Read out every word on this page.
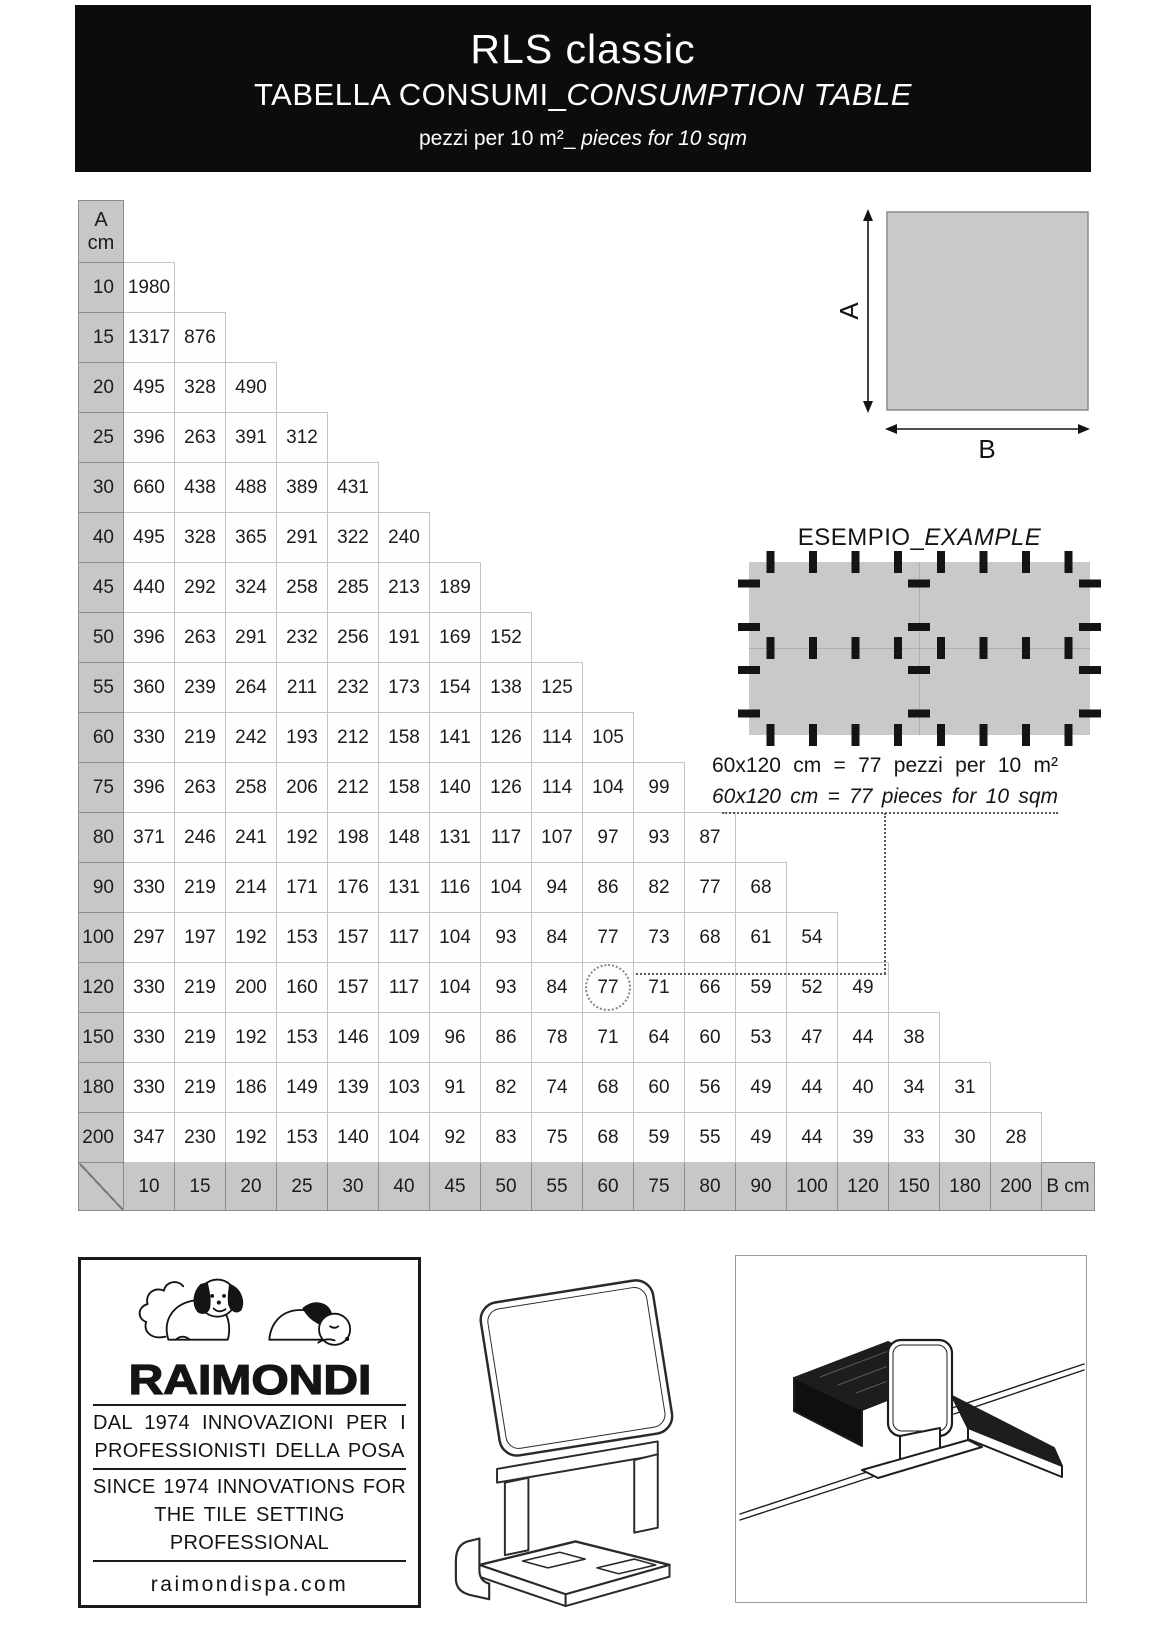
RLS classic
TABELLA CONSUMI_CONSUMPTION TABLE
pezzi per 10 m²_ pieces for 10 sqm
A cm																			
10	1980																		
15	1317	876																	
20	495	328	490																
25	396	263	391	312															
30	660	438	488	389	431														
40	495	328	365	291	322	240													
45	440	292	324	258	285	213	189												
50	396	263	291	232	256	191	169	152											
55	360	239	264	211	232	173	154	138	125										
60	330	219	242	193	212	158	141	126	114	105									
75	396	263	258	206	212	158	140	126	114	104	99								
80	371	246	241	192	198	148	131	117	107	97	93	87							
90	330	219	214	171	176	131	116	104	94	86	82	77	68						
100	297	197	192	153	157	117	104	93	84	77	73	68	61	54					
120	330	219	200	160	157	117	104	93	84	77	71	66	59	52	49				
150	330	219	192	153	146	109	96	86	78	71	64	60	53	47	44	38			
180	330	219	186	149	139	103	91	82	74	68	60	56	49	44	40	34	31		
200	347	230	192	153	140	104	92	83	75	68	59	55	49	44	39	33	30	28	
	10	15	20	25	30	40	45	50	55	60	75	80	90	100	120	150	180	200	B cm
A
B
ESEMPIO_EXAMPLE
60x120 cm = 77 pezzi per 10 m²
60x120 cm = 77 pieces for 10 sqm
RAIMONDI
DAL 1974 INNOVAZIONI PER I
PROFESSIONISTI DELLA POSA
SINCE 1974 INNOVATIONS FOR
THE TILE SETTING PROFESSIONAL
raimondispa.com
